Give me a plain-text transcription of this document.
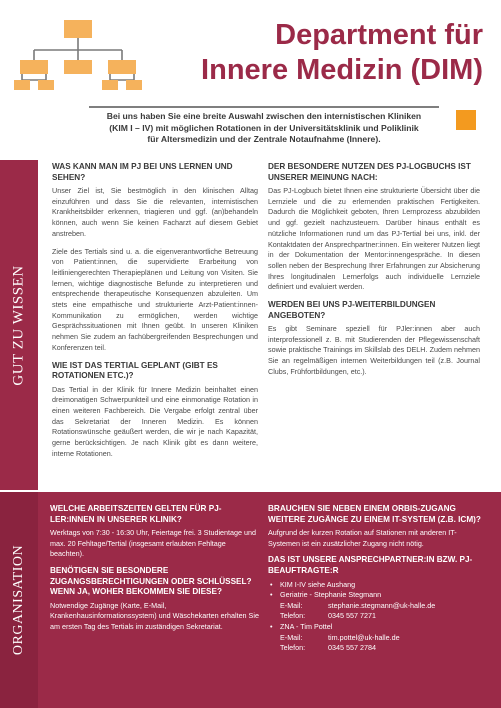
Department für
Innere Medizin (DIM)
Bei uns haben Sie eine breite Auswahl zwischen den internistischen Kliniken
(KIM I – IV) mit möglichen Rotationen in der Universitätsklinik und Poliklinik
für Altersmedizin und der Zentrale Notaufnahme (Innere).
GUT ZU WISSEN
WAS KANN MAN IM PJ BEI UNS LERNEN UND SEHEN?

Unser Ziel ist, Sie bestmöglich in den klinischen Alltag einzuführen und dass Sie die relevanten, internistischen Krankheitsbilder erkennen, triagieren und ggf. (an)behandeln können, auch wenn Sie keinen Facharzt auf diesem Gebiet anstreben.

Ziele des Tertials sind u. a. die eigenverantwortliche Betreuung von Patient:innen, die supervidierte Erarbeitung von leitliniengerechten Therapieplänen und Leitung von Visiten. Sie lernen, wichtige diagnostische Befunde zu interpretieren und entsprechende therapeutische Konsequenzen abzuleiten. Um stets eine empathische und strukturierte Arzt-Patient:innen-Kommunikation zu ermöglichen, werden wichtige Gesprächssituationen mit Ihnen geübt. In unseren Kliniken nehmen Sie zudem an fachübergreifenden Besprechungen und Konferenzen teil.

WIE IST DAS TERTIAL GEPLANT (GIBT ES ROTATIONEN ETC.)?

Das Tertial in der Klinik für Innere Medizin beinhaltet einen dreimonatigen Schwerpunkteil und eine einmonatige Rotation in einen weiteren Fachbereich. Die Vergabe erfolgt zentral über das Sekretariat der Inneren Medizin. Es können Rotationswünsche geäußert werden, die wir je nach Kapazität, gerne berücksichtigen. Je nach Klinik gibt es dann weitere, interne Rotationen.

DER BESONDERE NUTZEN DES PJ-LOGBUCHS IST UNSERER MEINUNG NACH:

Das PJ-Logbuch bietet Ihnen eine strukturierte Übersicht über die Lernziele und die zu erlernenden praktischen Fertigkeiten. Dadurch die Möglichkeit geboten, Ihren Lernprozess abzubilden und ggf. gezielt nachzusteuern. Darüber hinaus enthält es nützliche Informationen rund um das PJ-Tertial bei uns, inkl. der Kontaktdaten der Ansprechpartner:innen. Ein weiterer Nutzen liegt in der Dokumentation der Mentor:innengespräche. In diesen sollen neben der Besprechung Ihrer Erfahrungen zur Absicherung Ihres longitudinalen Lernerfolgs auch individuelle Lernziele definiert und evaluiert werden.

WERDEN BEI UNS PJ-WEITERBILDUNGEN ANGEBOTEN?

Es gibt Seminare speziell für PJler:innen aber auch interprofessionell z. B. mit Studierenden der Pflegewissenschaft sowie praktische Trainings im Skillslab des DELH. Zudem nehmen Sie an regelmäßigen internen Weiterbildungen teil (z.B. Journal Clubs, Frühfortbildungen, etc.).

ORGANISATION
WELCHE ARBEITSZEITEN GELTEN FÜR PJ-LER:INNEN IN UNSERER KLINIK?

Werktags von 7:30 - 16:30 Uhr, Feiertage frei. 3 Studientage und max. 20 Fehltage/Tertial (insgesamt erlaubten Fehltage beachten).

BENÖTIGEN SIE BESONDERE ZUGANGSBERECHTIGUNGEN ODER SCHLÜSSEL? WENN JA, WOHER BEKOMMEN SIE DIESE?

Notwendige Zugänge (Karte, E-Mail, Krankenhausinformationssystem) und Wäschekarten erhalten Sie am ersten Tag des Tertials im zuständigen Sekretariat.

BRAUCHEN SIE NEBEN EINEM ORBIS-ZUGANG WEITERE ZUGÄNGE ZU EINEM IT-SYSTEM (Z.B. ICM)?

Aufgrund der kurzen Rotation auf Stationen mit anderen IT-Systemen ist ein zusätzlicher Zugang nicht nötig.

DAS IST UNSERE ANSPRECHPARTNER:IN BZW. PJ-BEAUFTRAGTE:R
• KIM I-IV siehe Aushang
• Geriatrie - Stephanie Stegmann
E-Mail:	stephanie.stegmann@uk-halle.de
Telefon:	0345 557 7271
• ZNA - Tim Pottel
E-Mail:	tim.pottel@uk-halle.de
Telefon:	0345 557 2784
